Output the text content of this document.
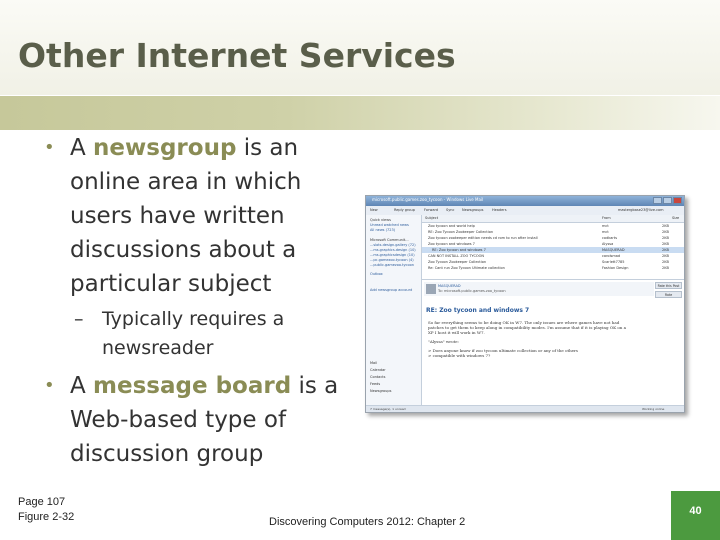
Other Internet Services
• A newsgroup is an
online area in which
users have written
discussions about a
particular subject
– Typically requires a
newsreader
• A message board is a
Web-based type of
discussion group
microsoft.public.games.zoo_tycoon - Windows Live Mail
New	Reply group	Forward Sync Newsgroups Headers	mastergbase23@live.com
Quick views
Unread watched news
All news (723)
Microsoft Communit...
...slots.design.gallery (72)
...ms.graphics.design (10)
...ms.graphicsdesign (10)
...pc.gamezoo.tycoon (4)
...public.gamezoo.tycoon
Outbox
Add newsgroup account
Mail
Calendar
Contacts
Feeds
Newsgroups
Subject	From	Size
Zoo tycoon and world help	mct	2KB
RE: Zoo Tycoon Zookeeper Collection	mct	2KB
Zoo tycoon zookeeper edition needs cd rom to run after install	codkarts	2KB
Zoo tycoon and windows 7	Alyssa	2KB
RE: Zoo tycoon and windows 7	MASQUERAD	2KB
CAN NOT INSTALL ZOO TYCOON	carolsmad	2KB
Zoo Tycoon Zookeeper Collection	Scarlett7785	2KB
Re: Cant run Zoo Tycoon Ultimate collection	Fashion Design	2KB
MASQUERAD
To: microsoft.public.games.zoo_tycoon
Rate this Post
Rate
RE: Zoo tycoon and windows 7

So far everything seems to be doing OK in W7. The only issues are where games have not had patches to get them to keep along in compatibility modes. I'm assume that if it is playing OK on a XP I host it will work in W7.

"Alyssa" wrote:

> Does anyone know if zoo tycoon ultimate collection or any of the others
> compatible with windows 7?

7 message(s), 1 unread	Working online
Page 107
Figure 2-32	Discovering Computers 2012: Chapter 2
40
